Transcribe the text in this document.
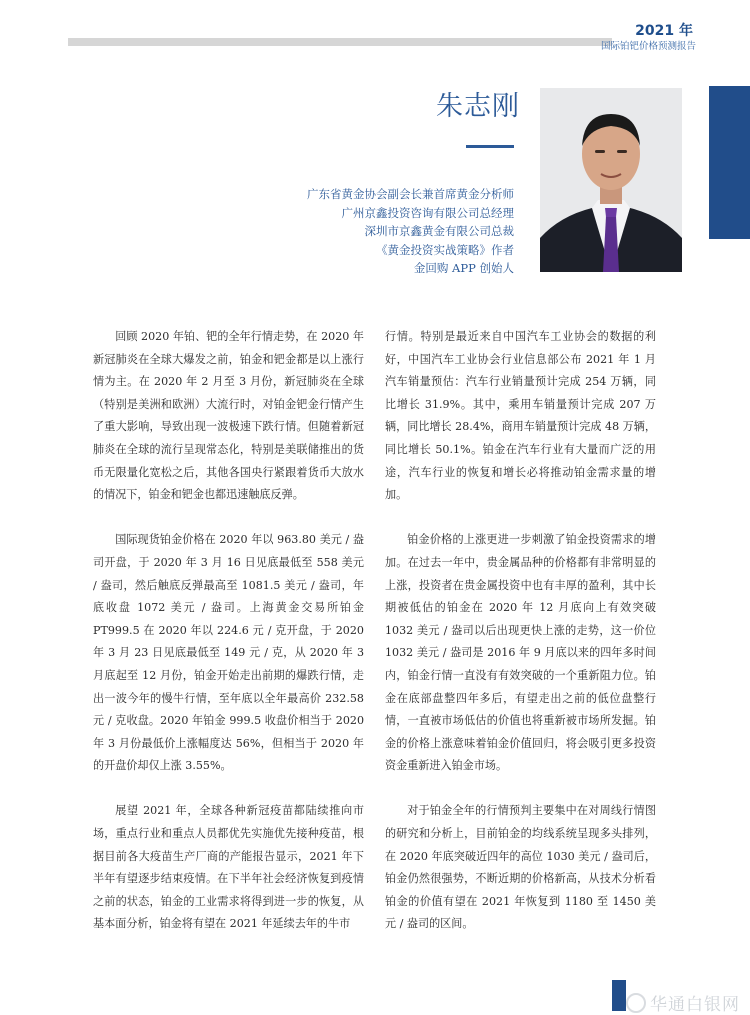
2021 年
国际铂钯价格预测报告
朱志刚
广东省黄金协会副会长兼首席黄金分析师
广州京鑫投资咨询有限公司总经理
深圳市京鑫黄金有限公司总裁
《黄金投资实战策略》作者
金回购 APP 创始人

回顾 2020 年铂、钯的全年行情走势，在 2020 年新冠肺炎在全球大爆发之前，铂金和钯金都是以上涨行情为主。在 2020 年 2 月至 3 月份，新冠肺炎在全球（特别是美洲和欧洲）大流行时，对铂金钯金行情产生了重大影响，导致出现一波极速下跌行情。但随着新冠肺炎在全球的流行呈现常态化，特别是美联储推出的货币无限量化宽松之后，其他各国央行紧跟着货币大放水的情况下，铂金和钯金也都迅速触底反弹。

国际现货铂金价格在 2020 年以 963.80 美元 / 盎司开盘，于 2020 年 3 月 16 日见底最低至 558 美元 / 盎司，然后触底反弹最高至 1081.5 美元 / 盎司，年底收盘 1072 美元 / 盎司。上海黄金交易所铂金 PT999.5 在 2020 年以 224.6 元 / 克开盘，于 2020 年 3 月 23 日见底最低至 149 元 / 克，从 2020 年 3 月底起至 12 月份，铂金开始走出前期的爆跌行情，走出一波今年的慢牛行情，至年底以全年最高价 232.58 元 / 克收盘。2020 年铂金 999.5 收盘价相当于 2020 年 3 月份最低价上涨幅度达 56%，但相当于 2020 年的开盘价却仅上涨 3.55%。

展望 2021 年，全球各种新冠疫苗都陆续推向市场，重点行业和重点人员都优先实施优先接种疫苗，根据目前各大疫苗生产厂商的产能报告显示，2021 年下半年有望逐步结束疫情。在下半年社会经济恢复到疫情之前的状态，铂金的工业需求将得到进一步的恢复，从基本面分析，铂金将有望在 2021 年延续去年的牛市

行情。特别是最近来自中国汽车工业协会的数据的利好，中国汽车工业协会行业信息部公布 2021 年 1 月汽车销量预估：汽车行业销量预计完成 254 万辆，同比增长 31.9%。其中，乘用车销量预计完成 207 万辆，同比增长 28.4%，商用车销量预计完成 48 万辆，同比增长 50.1%。铂金在汽车行业有大量而广泛的用途，汽车行业的恢复和增长必将推动铂金需求量的增加。

铂金价格的上涨更进一步刺激了铂金投资需求的增加。在过去一年中，贵金属品种的价格都有非常明显的上涨，投资者在贵金属投资中也有丰厚的盈利，其中长期被低估的铂金在 2020 年 12 月底向上有效突破 1032 美元 / 盎司以后出现更快上涨的走势，这一价位 1032 美元 / 盎司是 2016 年 9 月底以来的四年多时间内，铂金行情一直没有有效突破的一个重新阻力位。铂金在底部盘整四年多后，有望走出之前的低位盘整行情，一直被市场低估的价值也将重新被市场所发掘。铂金的价格上涨意味着铂金价值回归，将会吸引更多投资资金重新进入铂金市场。

对于铂金全年的行情预判主要集中在对周线行情图的研究和分析上，目前铂金的均线系统呈现多头排列，在 2020 年底突破近四年的高位 1030 美元 / 盎司后，铂金仍然很强势，不断近期的价格新高，从技术分析看铂金的价值有望在 2021 年恢复到 1180 至 1450 美元 / 盎司的区间。

华通白银网
